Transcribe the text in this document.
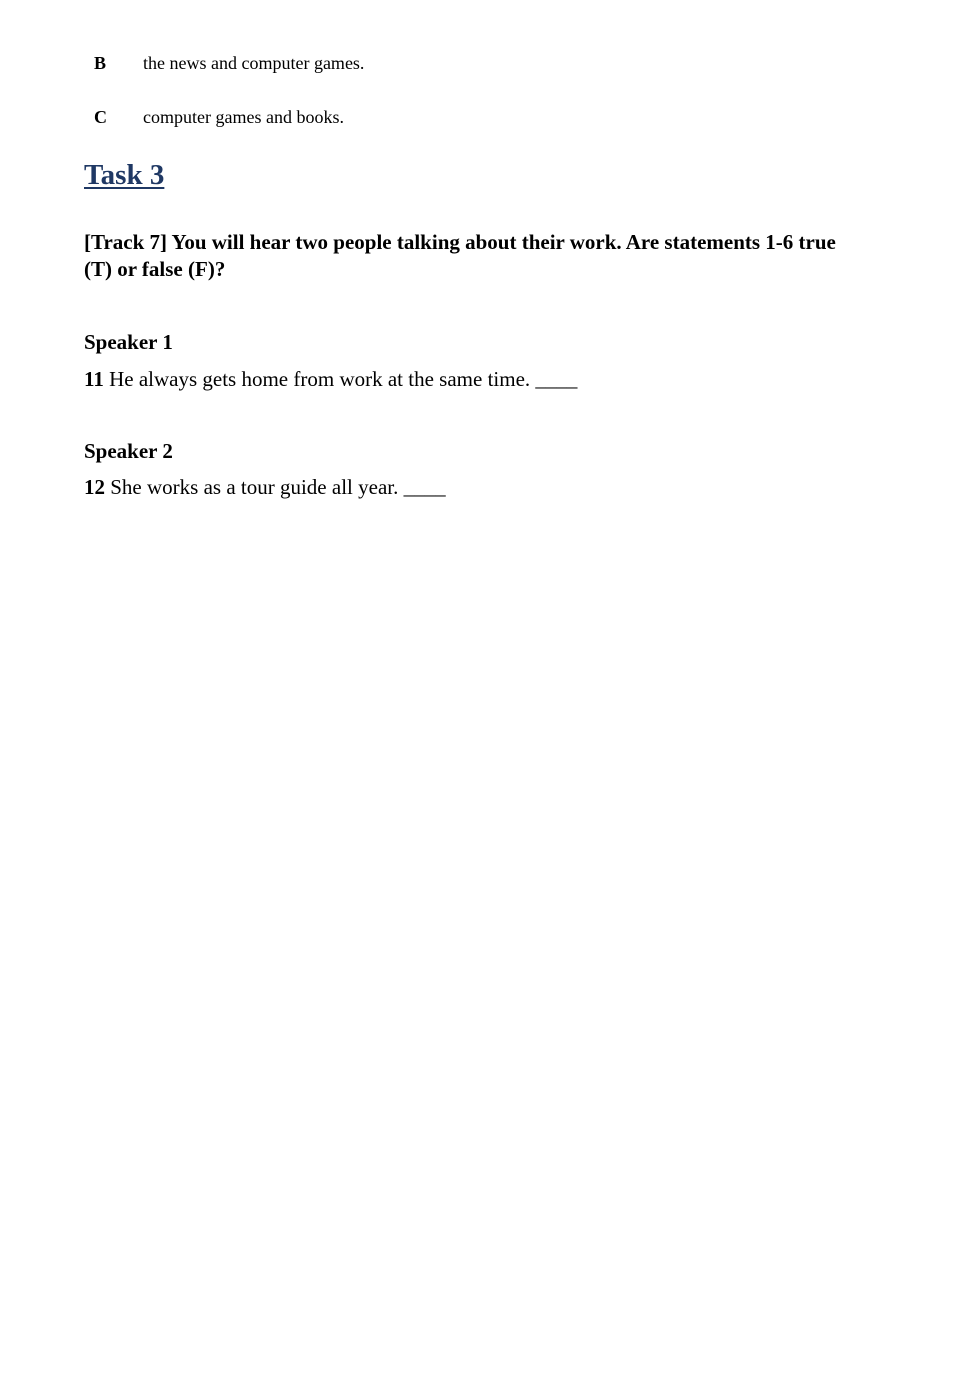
B the news and computer games.
C computer games and books.
Task 3

[Track 7] You will hear two people talking about their work. Are statements 1-6 true (T) or false (F)?

Speaker 1

11 He always gets home from work at the same time. ____

Speaker 2

12 She works as a tour guide all year. ____
